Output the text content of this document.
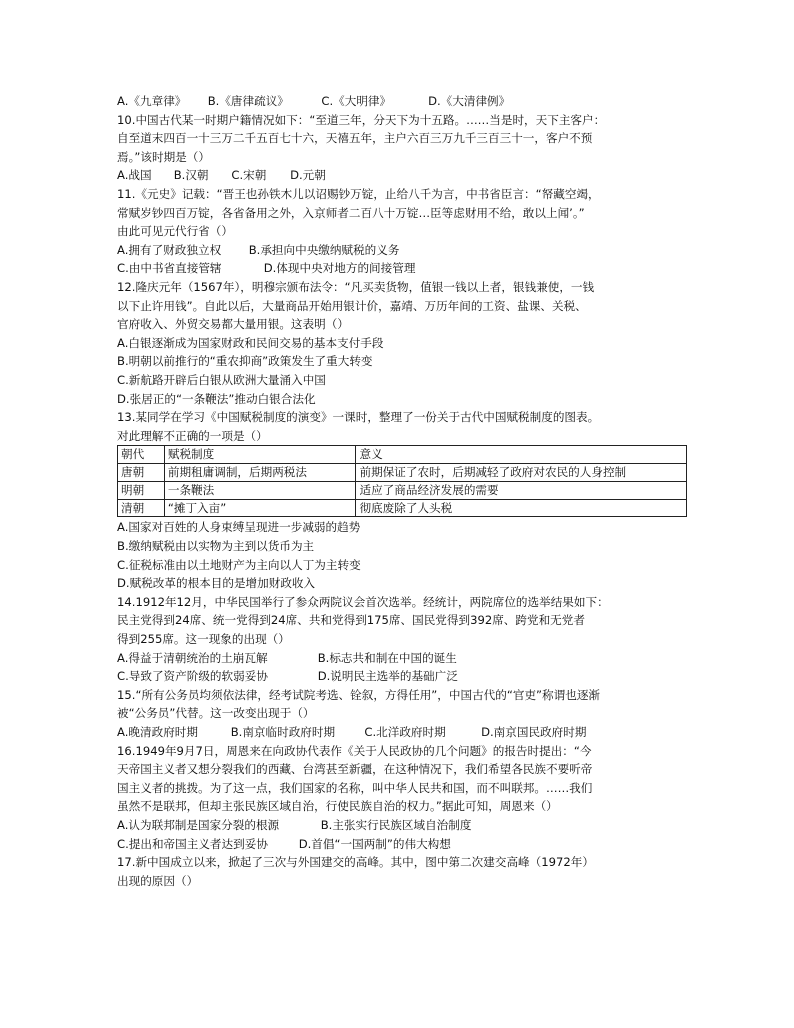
A.《九章律》 B.《唐律疏议》	C.《大明律》	D.《大清律例》
10.中国古代某一时期户籍情况如下：“至道三年，分天下为十五路。……当是时，天下主客户：
自至道末四百一十三万二千五百七十六，天禧五年，主户六百三万九千三百三十一，客户不预
焉。”该时期是（）
A.战国 B.汉朝 C.宋朝 D.元朝
11.《元史》记载：“晋王也孙铁木儿以诏赐钞万锭，止给八千为言，中书省臣言：“帑藏空竭，
常赋岁钞四百万锭，各省备用之外，入京师者二百八十万锭…臣等虑财用不给，敢以上闻’。”
由此可见元代行省（）
A.拥有了财政独立权 B.承担向中央缴纳赋税的义务
C.由中书省直接管辖	D.体现中央对地方的间接管理
12.隆庆元年（1567年），明穆宗颁布法令：“凡买卖货物，值银一钱以上者，银钱兼使，一钱
以下止许用钱”。自此以后，大量商品开始用银计价，嘉靖、万历年间的工资、盐课、关税、
官府收入、外贸交易都大量用银。这表明（）
A.白银逐渐成为国家财政和民间交易的基本支付手段
B.明朝以前推行的“重农抑商”政策发生了重大转变
C.新航路开辟后白银从欧洲大量涌入中国
D.张居正的“一条鞭法”推动白银合法化
13.某同学在学习《中国赋税制度的演变》一课时，整理了一份关于古代中国赋税制度的图表。
对此理解不正确的一项是（）
朝代	赋税制度	意义
唐朝	前期租庸调制，后期两税法	前期保证了农时，后期减轻了政府对农民的人身控制
明朝	一条鞭法	适应了商品经济发展的需要
清朝	“摊丁入亩”	彻底废除了人头税
A.国家对百姓的人身束缚呈现进一步减弱的趋势
B.缴纳赋税由以实物为主到以货币为主
C.征税标准由以土地财产为主向以人丁为主转变
D.赋税改革的根本目的是增加财政收入
14.1912年12月，中华民国举行了参众两院议会首次选举。经统计，两院席位的选举结果如下：
民主党得到24席、统一党得到24席、共和党得到175席、国民党得到392席、跨党和无党者
得到255席。这一现象的出现（）
A.得益于清朝统治的土崩瓦解	B.标志共和制在中国的诞生
C.导致了资产阶级的软弱妥协	D.说明民主选举的基础广泛
15.“所有公务员均须依法律，经考试院考选、铨叙，方得任用”，中国古代的“官吏”称谓也逐渐
被“公务员”代替。这一改变出现于（）
A.晚清政府时期	B.南京临时政府时期	C.北洋政府时期	D.南京国民政府时期
16.1949年9月7日，周恩来在向政协代表作《关于人民政协的几个问题》的报告时提出：“今
天帝国主义者又想分裂我们的西藏、台湾甚至新疆，在这种情况下，我们希望各民族不要听帝
国主义者的挑拨。为了这一点，我们国家的名称，叫中华人民共和国，而不叫联邦。……我们
虽然不是联邦，但却主张民族区域自治，行使民族自治的权力。”据此可知，周恩来（）
A.认为联邦制是国家分裂的根源	B.主张实行民族区域自治制度
C.提出和帝国主义者达到妥协	D.首倡“一国两制”的伟大构想
17.新中国成立以来，掀起了三次与外国建交的高峰。其中，图中第二次建交高峰（1972年）
出现的原因（）
